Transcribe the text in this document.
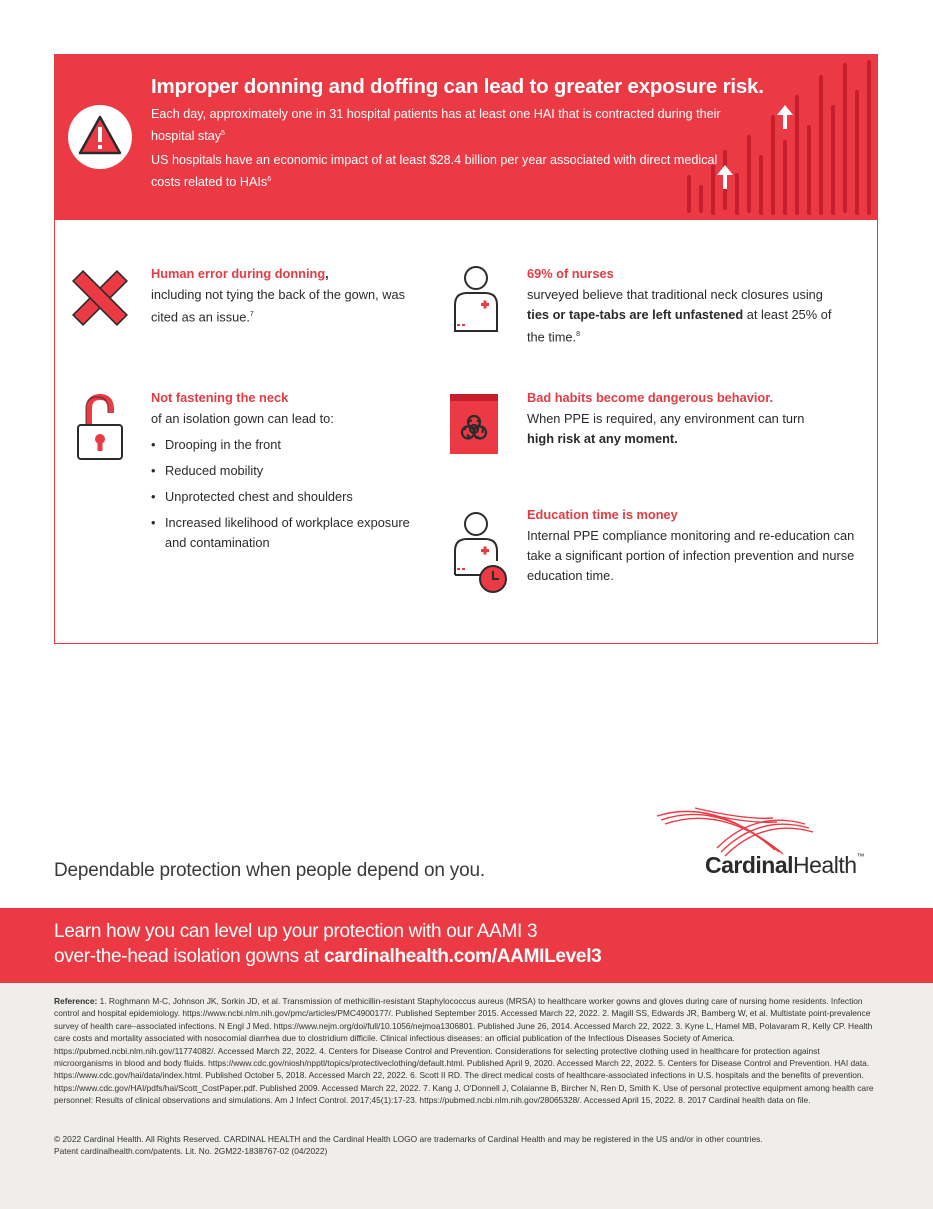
Improper donning and doffing can lead to greater exposure risk.

Each day, approximately one in 31 hospital patients has at least one HAI that is contracted during their hospital stay$^5$

US hospitals have an economic impact of at least $28.4 billion per year associated with direct medical costs related to HAIs$^6$

Human error during donning,
including not tying the back of the gown, was cited as an issue.$^7$
69% of nurses
surveyed believe that traditional neck closures using
ties or tape-tabs are left unfastened at least 25% of the time.$^8$
Not fastening the neck
of an isolation gown can lead to:
• Drooping in the front
• Reduced mobility
• Unprotected chest and shoulders
• Increased likelihood of workplace exposure and contamination
Bad habits become dangerous behavior.
When PPE is required, any environment can turn
high risk at any moment.
Education time is money
Internal PPE compliance monitoring and re-education can take a significant portion of infection prevention and nurse education time.
Dependable protection when people depend on you.	CardinalHealth™
Learn how you can level up your protection with our AAMI 3
over-the-head isolation gowns at cardinalhealth.com/AAMILevel3
Reference: 1. Roghmann M-C, Johnson JK, Sorkin JD, et al. Transmission of methicillin-resistant Staphylococcus aureus (MRSA) to healthcare worker gowns and gloves during care of nursing home residents. Infection control and hospital epidemiology. https://www.ncbi.nlm.nih.gov/pmc/articles/PMC4900177/. Published September 2015. Accessed March 22, 2022. 2. Magill SS, Edwards JR, Bamberg W, et al. Multistate point-prevalence survey of health care–associated infections. N Engl J Med. https://www.nejm.org/doi/full/10.1056/nejmoa1306801. Published June 26, 2014. Accessed March 22, 2022. 3. Kyne L, Hamel MB, Polavaram R, Kelly CP. Health care costs and mortality associated with nosocomial diarrhea due to clostridium difficile. Clinical infectious diseases: an official publication of the Infectious Diseases Society of America. https://pubmed.ncbi.nlm.nih.gov/11774082/. Accessed March 22, 2022. 4. Centers for Disease Control and Prevention. Considerations for selecting protective clothing used in healthcare for protection against microorganisms in blood and body fluids. https://www.cdc.gov/niosh/npptl/topics/protectiveclothing/default.html. Published April 9, 2020. Accessed March 22, 2022. 5. Centers for Disease Control and Prevention. HAI data. https://www.cdc.gov/hai/data/index.html. Published October 5, 2018. Accessed March 22, 2022. 6. Scott II RD. The direct medical costs of healthcare-associated infections in U.S. hospitals and the benefits of prevention. https://www.cdc.gov/HAI/pdfs/hai/Scott_CostPaper.pdf. Published 2009. Accessed March 22, 2022. 7. Kang J, O'Donnell J, Colaianne B, Bircher N, Ren D, Smith K. Use of personal protective equipment among health care personnel: Results of clinical observations and simulations. Am J Infect Control. 2017;45(1):17-23. https://pubmed.ncbi.nlm.nih.gov/28065328/. Accessed April 15, 2022. 8. 2017 Cardinal health data on file.
© 2022 Cardinal Health. All Rights Reserved. CARDINAL HEALTH and the Cardinal Health LOGO are trademarks of Cardinal Health and may be registered in the US and/or in other countries.
Patent cardinalhealth.com/patents. Lit. No. 2GM22-1838767-02 (04/2022)
